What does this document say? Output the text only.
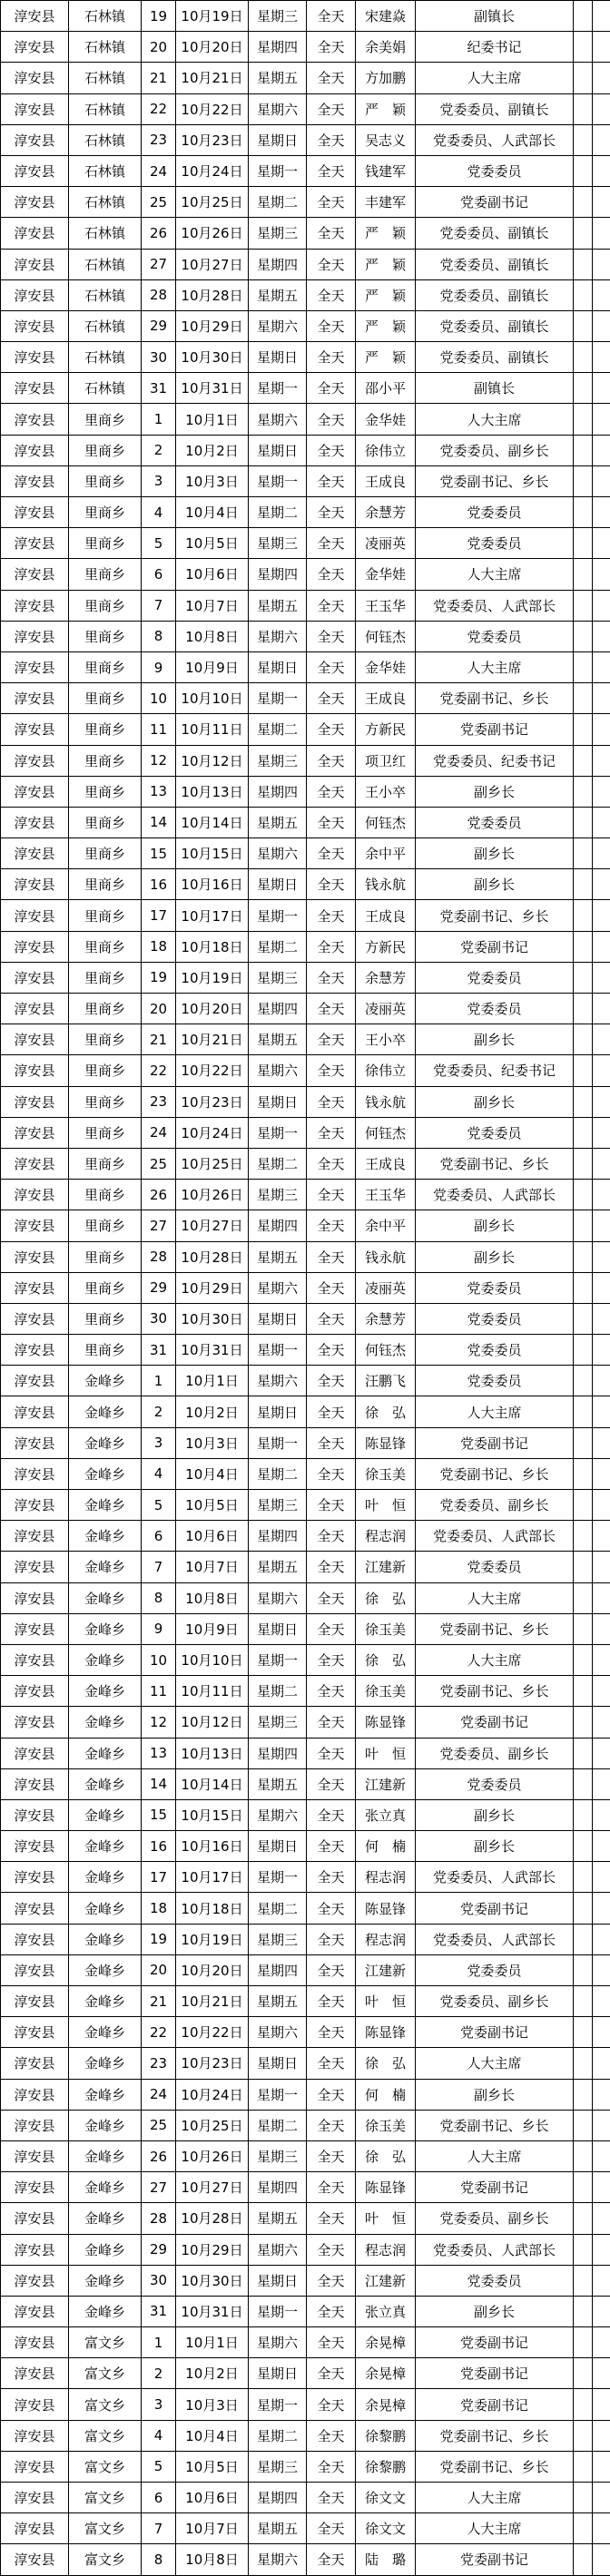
淳安县	石林镇	19	10月19日	星期三	全天	宋建焱	副镇长		
淳安县	石林镇	20	10月20日	星期四	全天	余美娟	纪委书记		
淳安县	石林镇	21	10月21日	星期五	全天	方加鹏	人大主席		
淳安县	石林镇	22	10月22日	星期六	全天	严　颖	党委委员、副镇长		
淳安县	石林镇	23	10月23日	星期日	全天	吴志义	党委委员、人武部长		
淳安县	石林镇	24	10月24日	星期一	全天	钱建军	党委委员		
淳安县	石林镇	25	10月25日	星期二	全天	丰建军	党委副书记		
淳安县	石林镇	26	10月26日	星期三	全天	严　颖	党委委员、副镇长		
淳安县	石林镇	27	10月27日	星期四	全天	严　颖	党委委员、副镇长		
淳安县	石林镇	28	10月28日	星期五	全天	严　颖	党委委员、副镇长		
淳安县	石林镇	29	10月29日	星期六	全天	严　颖	党委委员、副镇长		
淳安县	石林镇	30	10月30日	星期日	全天	严　颖	党委委员、副镇长		
淳安县	石林镇	31	10月31日	星期一	全天	邵小平	副镇长		
淳安县	里商乡	1	10月1日	星期六	全天	金华娃	人大主席		
淳安县	里商乡	2	10月2日	星期日	全天	徐伟立	党委委员、副乡长		
淳安县	里商乡	3	10月3日	星期一	全天	王成良	党委副书记、乡长		
淳安县	里商乡	4	10月4日	星期二	全天	余慧芳	党委委员		
淳安县	里商乡	5	10月5日	星期三	全天	凌丽英	党委委员		
淳安县	里商乡	6	10月6日	星期四	全天	金华娃	人大主席		
淳安县	里商乡	7	10月7日	星期五	全天	王玉华	党委委员、人武部长		
淳安县	里商乡	8	10月8日	星期六	全天	何钰杰	党委委员		
淳安县	里商乡	9	10月9日	星期日	全天	金华娃	人大主席		
淳安县	里商乡	10	10月10日	星期一	全天	王成良	党委副书记、乡长		
淳安县	里商乡	11	10月11日	星期二	全天	方新民	党委副书记		
淳安县	里商乡	12	10月12日	星期三	全天	项卫红	党委委员、纪委书记		
淳安县	里商乡	13	10月13日	星期四	全天	王小卒	副乡长		
淳安县	里商乡	14	10月14日	星期五	全天	何钰杰	党委委员		
淳安县	里商乡	15	10月15日	星期六	全天	余中平	副乡长		
淳安县	里商乡	16	10月16日	星期日	全天	钱永航	副乡长		
淳安县	里商乡	17	10月17日	星期一	全天	王成良	党委副书记、乡长		
淳安县	里商乡	18	10月18日	星期二	全天	方新民	党委副书记		
淳安县	里商乡	19	10月19日	星期三	全天	余慧芳	党委委员		
淳安县	里商乡	20	10月20日	星期四	全天	凌丽英	党委委员		
淳安县	里商乡	21	10月21日	星期五	全天	王小卒	副乡长		
淳安县	里商乡	22	10月22日	星期六	全天	徐伟立	党委委员、纪委书记		
淳安县	里商乡	23	10月23日	星期日	全天	钱永航	副乡长		
淳安县	里商乡	24	10月24日	星期一	全天	何钰杰	党委委员		
淳安县	里商乡	25	10月25日	星期二	全天	王成良	党委副书记、乡长		
淳安县	里商乡	26	10月26日	星期三	全天	王玉华	党委委员、人武部长		
淳安县	里商乡	27	10月27日	星期四	全天	余中平	副乡长		
淳安县	里商乡	28	10月28日	星期五	全天	钱永航	副乡长		
淳安县	里商乡	29	10月29日	星期六	全天	凌丽英	党委委员		
淳安县	里商乡	30	10月30日	星期日	全天	余慧芳	党委委员		
淳安县	里商乡	31	10月31日	星期一	全天	何钰杰	党委委员		
淳安县	金峰乡	1	10月1日	星期六	全天	汪鹏飞	党委委员		
淳安县	金峰乡	2	10月2日	星期日	全天	徐　弘	人大主席		
淳安县	金峰乡	3	10月3日	星期一	全天	陈显锋	党委副书记		
淳安县	金峰乡	4	10月4日	星期二	全天	徐玉美	党委副书记、乡长		
淳安县	金峰乡	5	10月5日	星期三	全天	叶　恒	党委委员、副乡长		
淳安县	金峰乡	6	10月6日	星期四	全天	程志润	党委委员、人武部长		
淳安县	金峰乡	7	10月7日	星期五	全天	江建新	党委委员		
淳安县	金峰乡	8	10月8日	星期六	全天	徐　弘	人大主席		
淳安县	金峰乡	9	10月9日	星期日	全天	徐玉美	党委副书记、乡长		
淳安县	金峰乡	10	10月10日	星期一	全天	徐　弘	人大主席		
淳安县	金峰乡	11	10月11日	星期二	全天	徐玉美	党委副书记、乡长		
淳安县	金峰乡	12	10月12日	星期三	全天	陈显锋	党委副书记		
淳安县	金峰乡	13	10月13日	星期四	全天	叶　恒	党委委员、副乡长		
淳安县	金峰乡	14	10月14日	星期五	全天	江建新	党委委员		
淳安县	金峰乡	15	10月15日	星期六	全天	张立真	副乡长		
淳安县	金峰乡	16	10月16日	星期日	全天	何　楠	副乡长		
淳安县	金峰乡	17	10月17日	星期一	全天	程志润	党委委员、人武部长		
淳安县	金峰乡	18	10月18日	星期二	全天	陈显锋	党委副书记		
淳安县	金峰乡	19	10月19日	星期三	全天	程志润	党委委员、人武部长		
淳安县	金峰乡	20	10月20日	星期四	全天	江建新	党委委员		
淳安县	金峰乡	21	10月21日	星期五	全天	叶　恒	党委委员、副乡长		
淳安县	金峰乡	22	10月22日	星期六	全天	陈显锋	党委副书记		
淳安县	金峰乡	23	10月23日	星期日	全天	徐　弘	人大主席		
淳安县	金峰乡	24	10月24日	星期一	全天	何　楠	副乡长		
淳安县	金峰乡	25	10月25日	星期二	全天	徐玉美	党委副书记、乡长		
淳安县	金峰乡	26	10月26日	星期三	全天	徐　弘	人大主席		
淳安县	金峰乡	27	10月27日	星期四	全天	陈显锋	党委副书记		
淳安县	金峰乡	28	10月28日	星期五	全天	叶　恒	党委委员、副乡长		
淳安县	金峰乡	29	10月29日	星期六	全天	程志润	党委委员、人武部长		
淳安县	金峰乡	30	10月30日	星期日	全天	江建新	党委委员		
淳安县	金峰乡	31	10月31日	星期一	全天	张立真	副乡长		
淳安县	富文乡	1	10月1日	星期六	全天	余晃樟	党委副书记		
淳安县	富文乡	2	10月2日	星期日	全天	余晃樟	党委副书记		
淳安县	富文乡	3	10月3日	星期一	全天	余晃樟	党委副书记		
淳安县	富文乡	4	10月4日	星期二	全天	徐黎鹏	党委副书记、乡长		
淳安县	富文乡	5	10月5日	星期三	全天	徐黎鹏	党委副书记、乡长		
淳安县	富文乡	6	10月6日	星期四	全天	徐文文	人大主席		
淳安县	富文乡	7	10月7日	星期五	全天	徐文文	人大主席		
淳安县	富文乡	8	10月8日	星期六	全天	陆　璐	党委副书记		
